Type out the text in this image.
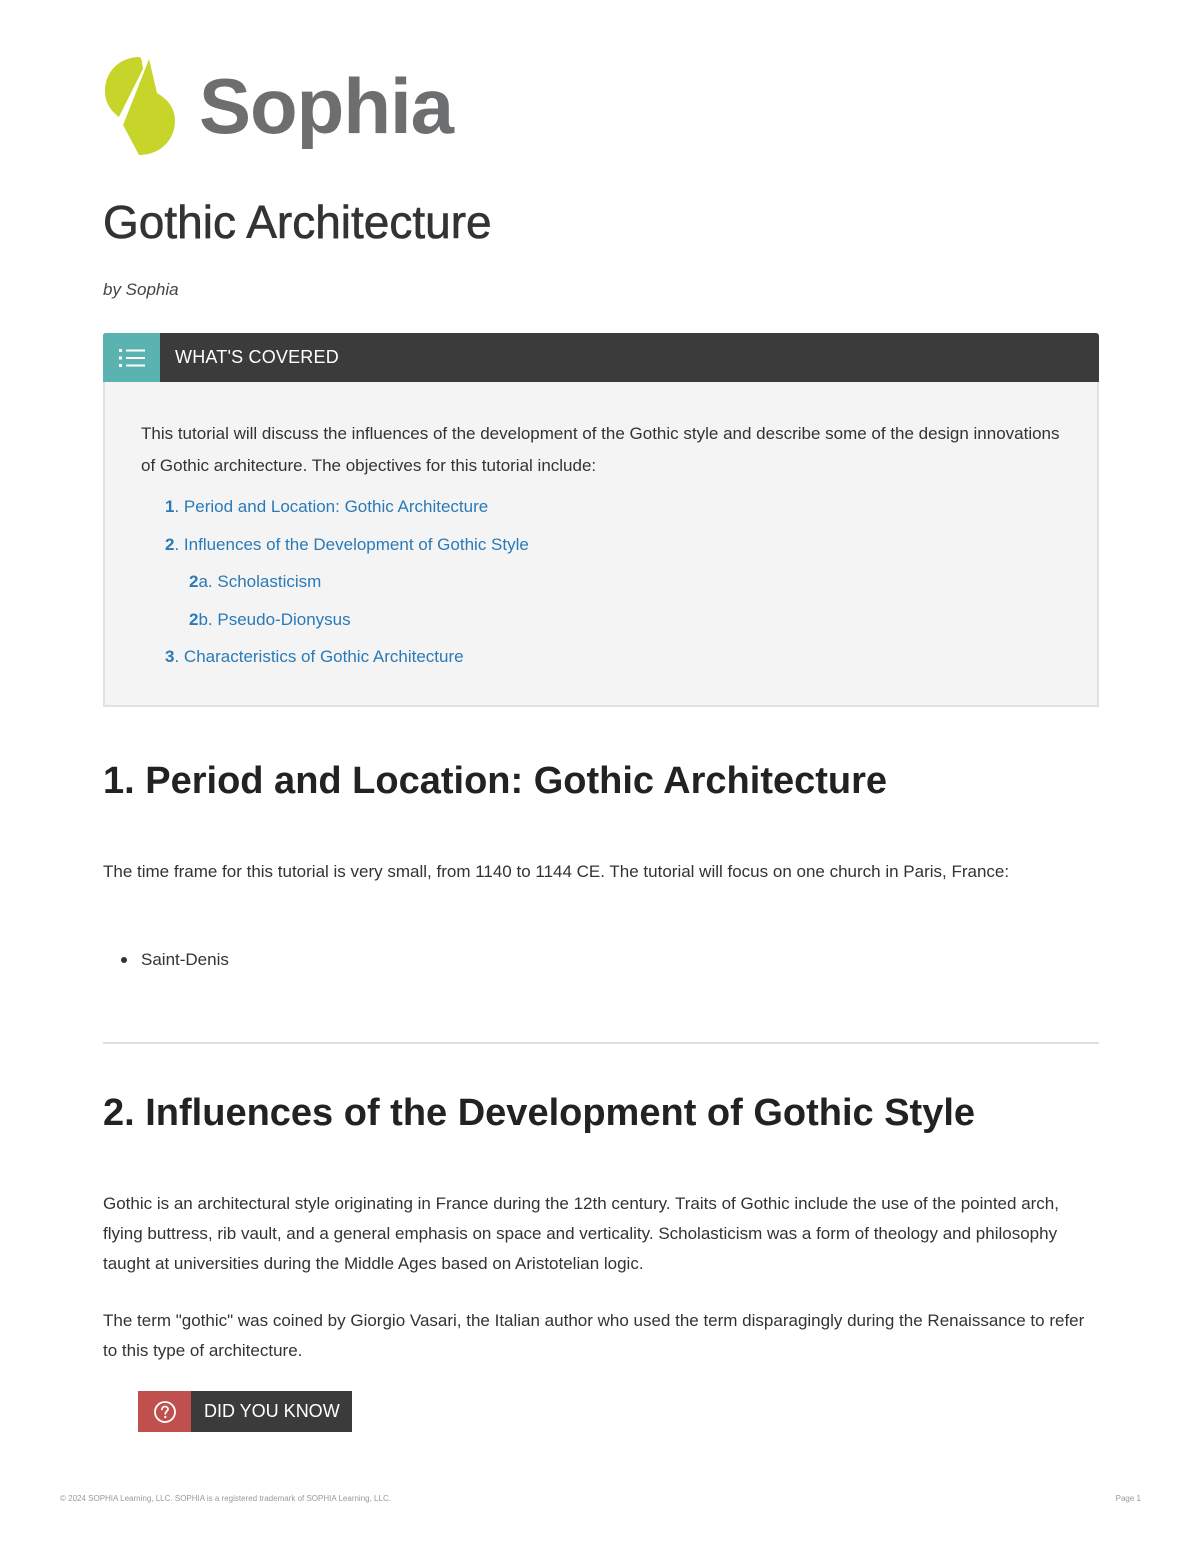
Sophia
Gothic Architecture
by Sophia
WHAT'S COVERED

This tutorial will discuss the influences of the development of the Gothic style and describe some of the design innovations of Gothic architecture. The objectives for this tutorial include:

1. Period and Location: Gothic Architecture
2. Influences of the Development of Gothic Style
2a. Scholasticism
2b. Pseudo-Dionysus
3. Characteristics of Gothic Architecture
1. Period and Location: Gothic Architecture

The time frame for this tutorial is very small, from 1140 to 1144 CE. The tutorial will focus on one church in Paris, France:

Saint-Denis
2. Influences of the Development of Gothic Style

Gothic is an architectural style originating in France during the 12th century. Traits of Gothic include the use of the pointed arch, flying buttress, rib vault, and a general emphasis on space and verticality. Scholasticism was a form of theology and philosophy taught at universities during the Middle Ages based on Aristotelian logic.

The term "gothic" was coined by Giorgio Vasari, the Italian author who used the term disparagingly during the Renaissance to refer to this type of architecture.

DID YOU KNOW
© 2024 SOPHIA Learning, LLC. SOPHIA is a registered trademark of SOPHIA Learning, LLC.	Page 1
